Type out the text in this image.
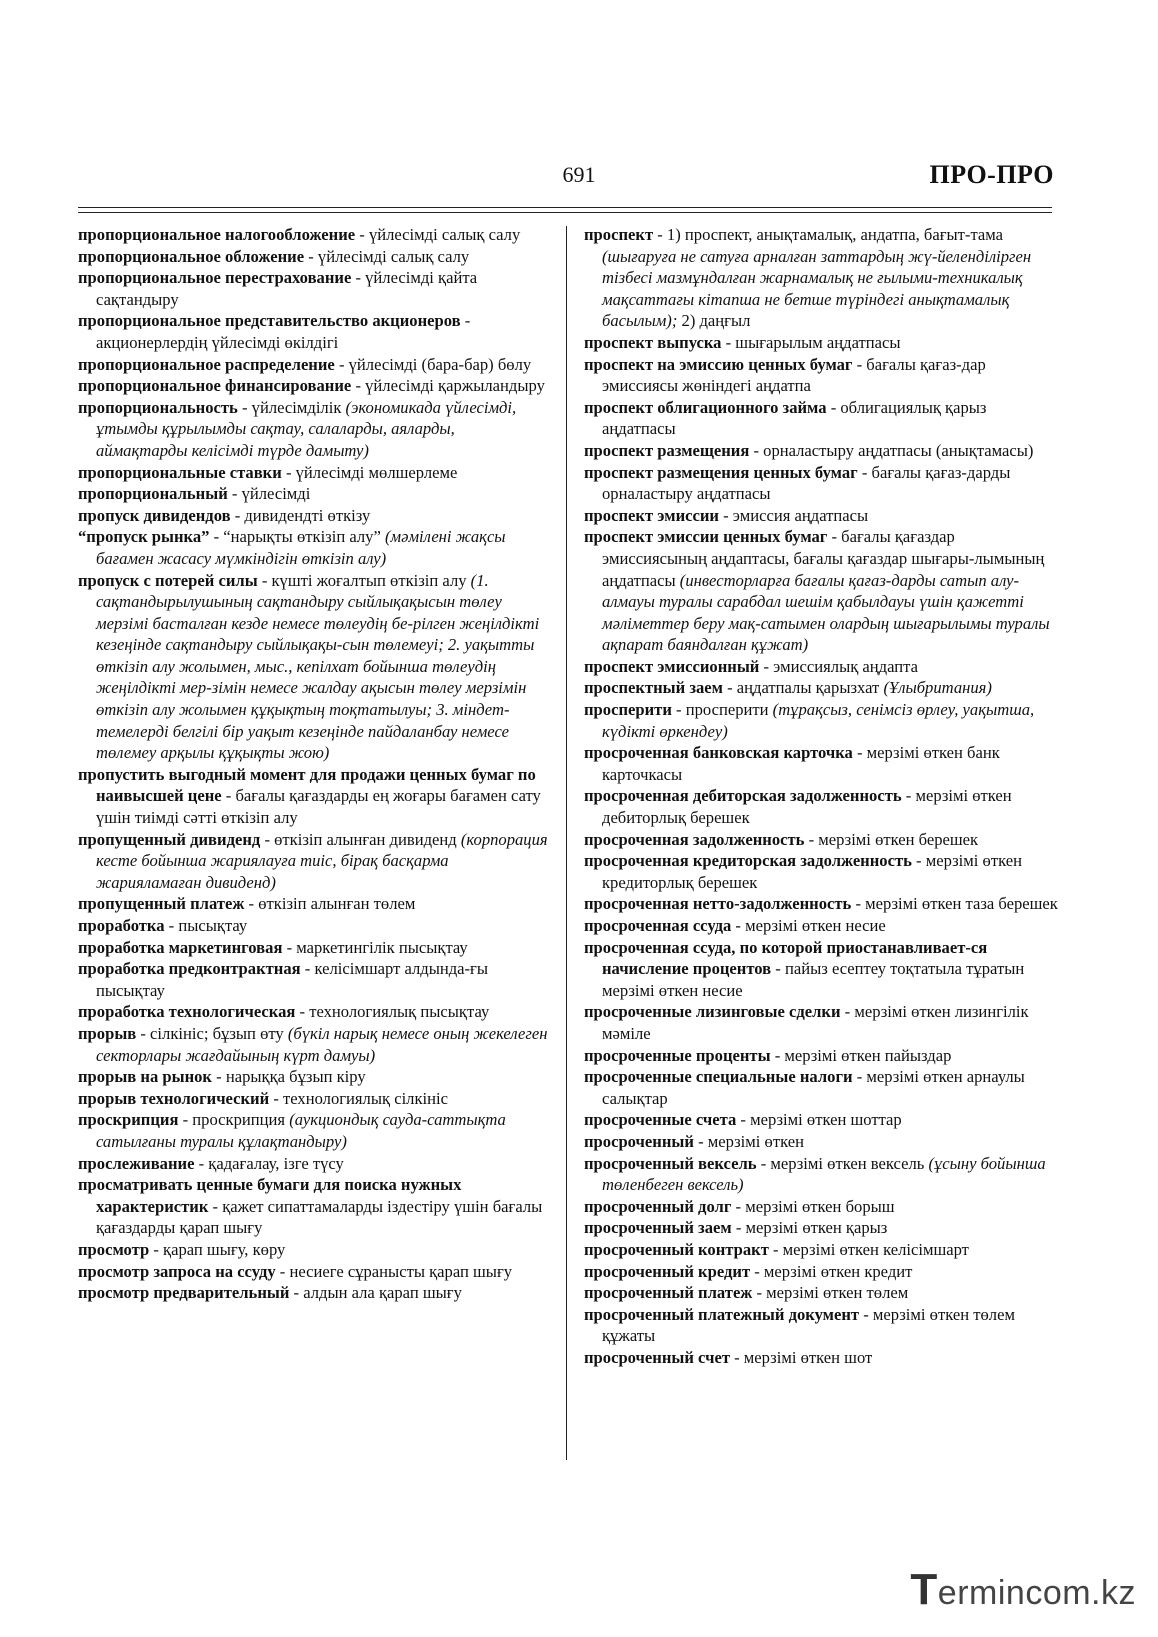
691	ПРО-ПРО

пропорциональное налогообложение - үйлесімді салық салу

пропорциональное обложение - үйлесімді салық салу

пропорциональное перестрахование - үйлесімді қайта сақтандыру

пропорциональное представительство акционеров - акционерлердің үйлесімді өкілдігі

пропорциональное распределение - үйлесімді (бара-бар) бөлу

пропорциональное финансирование - үйлесімді қаржыландыру

пропорциональность - үйлесімділік (экономикада үйлесімді, ұтымды құрылымды сақтау, салаларды, аяларды, аймақтарды келісімді түрде дамыту)

пропорциональные ставки - үйлесімді мөлшерлеме

пропорциональный - үйлесімді

пропуск дивидендов - дивидендті өткізу

“пропуск рынка” - “нарықты өткізіп алу” (мәмілені жақсы бағамен жасасу мүмкіндігін өткізіп алу)

пропуск с потерей силы - күшті жоғалтып өткізіп алу (1. сақтандырылушының сақтандыру сыйлықақысын төлеу мерзімі басталған кезде немесе төлеудің бе-рілген жеңілдікті кезеңінде сақтандыру сыйлықақы-сын төлемеуі; 2. уақытты өткізіп алу жолымен, мыс., кепілхат бойынша төлеудің жеңілдікті мер-зімін немесе жалдау ақысын төлеу мерзімін өткізіп алу жолымен құқықтың тоқтатылуы; 3. міндет-темелерді белгілі бір уақыт кезеңінде пайдаланбау немесе төлемеу арқылы құқықты жою)

пропустить выгодный момент для продажи ценных бумаг по наивысшей цене - бағалы қағаздарды ең жоғары бағамен сату үшін тиімді сәтті өткізіп алу

пропущенный дивиденд - өткізіп алынған дивиденд (корпорация кесте бойынша жариялауға тиіс, бірақ басқарма жарияламаған дивиденд)

пропущенный платеж - өткізіп алынған төлем

проработка - пысықтау

проработка маркетинговая - маркетингілік пысықтау

проработка предконтрактная - келісімшарт алдында-ғы пысықтау

проработка технологическая - технологиялық пысықтау

прорыв - сілкініс; бұзып өту (бүкіл нарық немесе оның жекелеген секторлары жағдайының күрт дамуы)

прорыв на рынок - нарыққа бұзып кіру

прорыв технологический - технологиялық сілкініс

проскрипция - проскрипция (аукциондық сауда-саттықта сатылғаны туралы құлақтандыру)

прослеживание - қадағалау, ізге түсу

просматривать ценные бумаги для поиска нужных характеристик - қажет сипаттамаларды іздестіру үшін бағалы қағаздарды қарап шығу

просмотр - қарап шығу, көру

просмотр запроса на ссуду - несиеге сұранысты қарап шығу

просмотр предварительный - алдын ала қарап шығу

проспект - 1) проспект, анықтамалық, андатпа, бағыт-тама (шығаруға не сатуға арналған заттардың жү-йеленділірген тізбесі мазмұндалған жарнамалық не ғылыми-техникалық мақсаттағы кітапша не бетше түріндегі анықтамалық басылым); 2) даңғыл

проспект выпуска - шығарылым аңдатпасы

проспект на эмиссию ценных бумаг - бағалы қағаз-дар эмиссиясы жөніндегі аңдатпа

проспект облигационного займа - облигациялық қарыз аңдатпасы

проспект размещения - орналастыру аңдатпасы (анықтамасы)

проспект размещения ценных бумаг - бағалы қағаз-дарды орналастыру аңдатпасы

проспект эмиссии - эмиссия аңдатпасы

проспект эмиссии ценных бумаг - бағалы қағаздар эмиссиясының аңдаптасы, бағалы қағаздар шығары-лымының аңдатпасы (инвесторларға бағалы қағаз-дарды сатып алу-алмауы туралы сарабдал шешім қабылдауы үшін қажетті мәліметтер беру мақ-сатымен олардың шығарылымы туралы ақпарат баяндалған құжат)

проспект эмиссионный - эмиссиялық аңдапта

проспектный заем - аңдатпалы қарызхат (Ұлыбритания)

просперити - просперити (тұрақсыз, сенімсіз өрлеу, уақытша, күдікті өркендеу)

просроченная банковская карточка - мерзімі өткен банк карточкасы

просроченная дебиторская задолженность - мерзімі өткен дебиторлық берешек

просроченная задолженность - мерзімі өткен берешек

просроченная кредиторская задолженность - мерзімі өткен кредиторлық берешек

просроченная нетто-задолженность - мерзімі өткен таза берешек

просроченная ссуда - мерзімі өткен несие

просроченная ссуда, по которой приостанавливает-ся начисление процентов - пайыз есептеу тоқтатыла тұратын мерзімі өткен несие

просроченные лизинговые сделки - мерзімі өткен лизингілік мәміле

просроченные проценты - мерзімі өткен пайыздар

просроченные специальные налоги - мерзімі өткен арнаулы салықтар

просроченные счета - мерзімі өткен шоттар

просроченный - мерзімі өткен

просроченный вексель - мерзімі өткен вексель (ұсыну бойынша төленбеген вексель)

просроченный долг - мерзімі өткен борыш

просроченный заем - мерзімі өткен қарыз

просроченный контракт - мерзімі өткен келісімшарт

просроченный кредит - мерзімі өткен кредит

просроченный платеж - мерзімі өткен төлем

просроченный платежный документ - мерзімі өткен төлем құжаты

просроченный счет - мерзімі өткен шот

Termincom.kz
